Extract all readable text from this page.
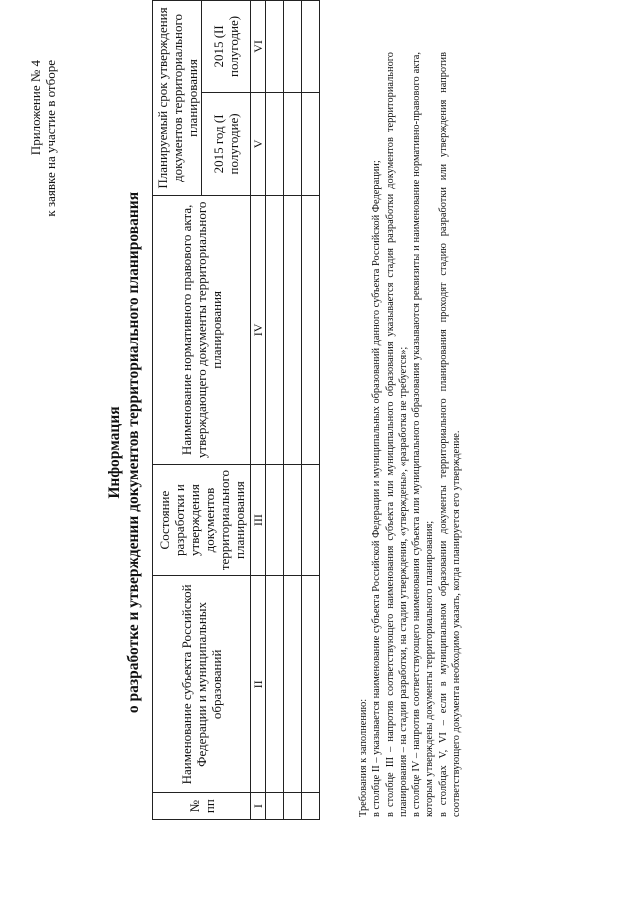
Приложение № 4 к заявке на участие в отборе
Информация о разработке и утверждении документов территориального планирования
№ пп	Наименование субъекта Российской Федерации и муниципальных образований	Состояние разработки и утверждения документов территориального планирования	Наименование нормативного правового акта, утверждающего документы территориального планирования	Планируемый срок утверждения документов территориального планирования	
				2015 год (I полугодие)	2015 (II полугодие)
I	II	III	IV	V	VI

Требования к заполнению: в столбце II – указывается наименование субъекта Российской Федерации и муниципальных образований данного субъекта Российской Федерации; в столбце III – напротив соответствующего наименования субъекта или муниципального образования указывается стадия разработки документов территориального планирования – на стадии разработки, на стадии утверждения, «утверждены», «разработка не требуется»; в столбце IV – напротив соответствующего наименования субъекта или муниципального образования указываются реквизиты и наименование нормативно-правового акта, которым утверждены документы территориального планирования; в столбцах V, VI – если в муниципальном образовании документы территориального планирования проходят стадию разработки или утверждения напротив соответствующего документа необходимо указать, когда планируется его утверждение.
